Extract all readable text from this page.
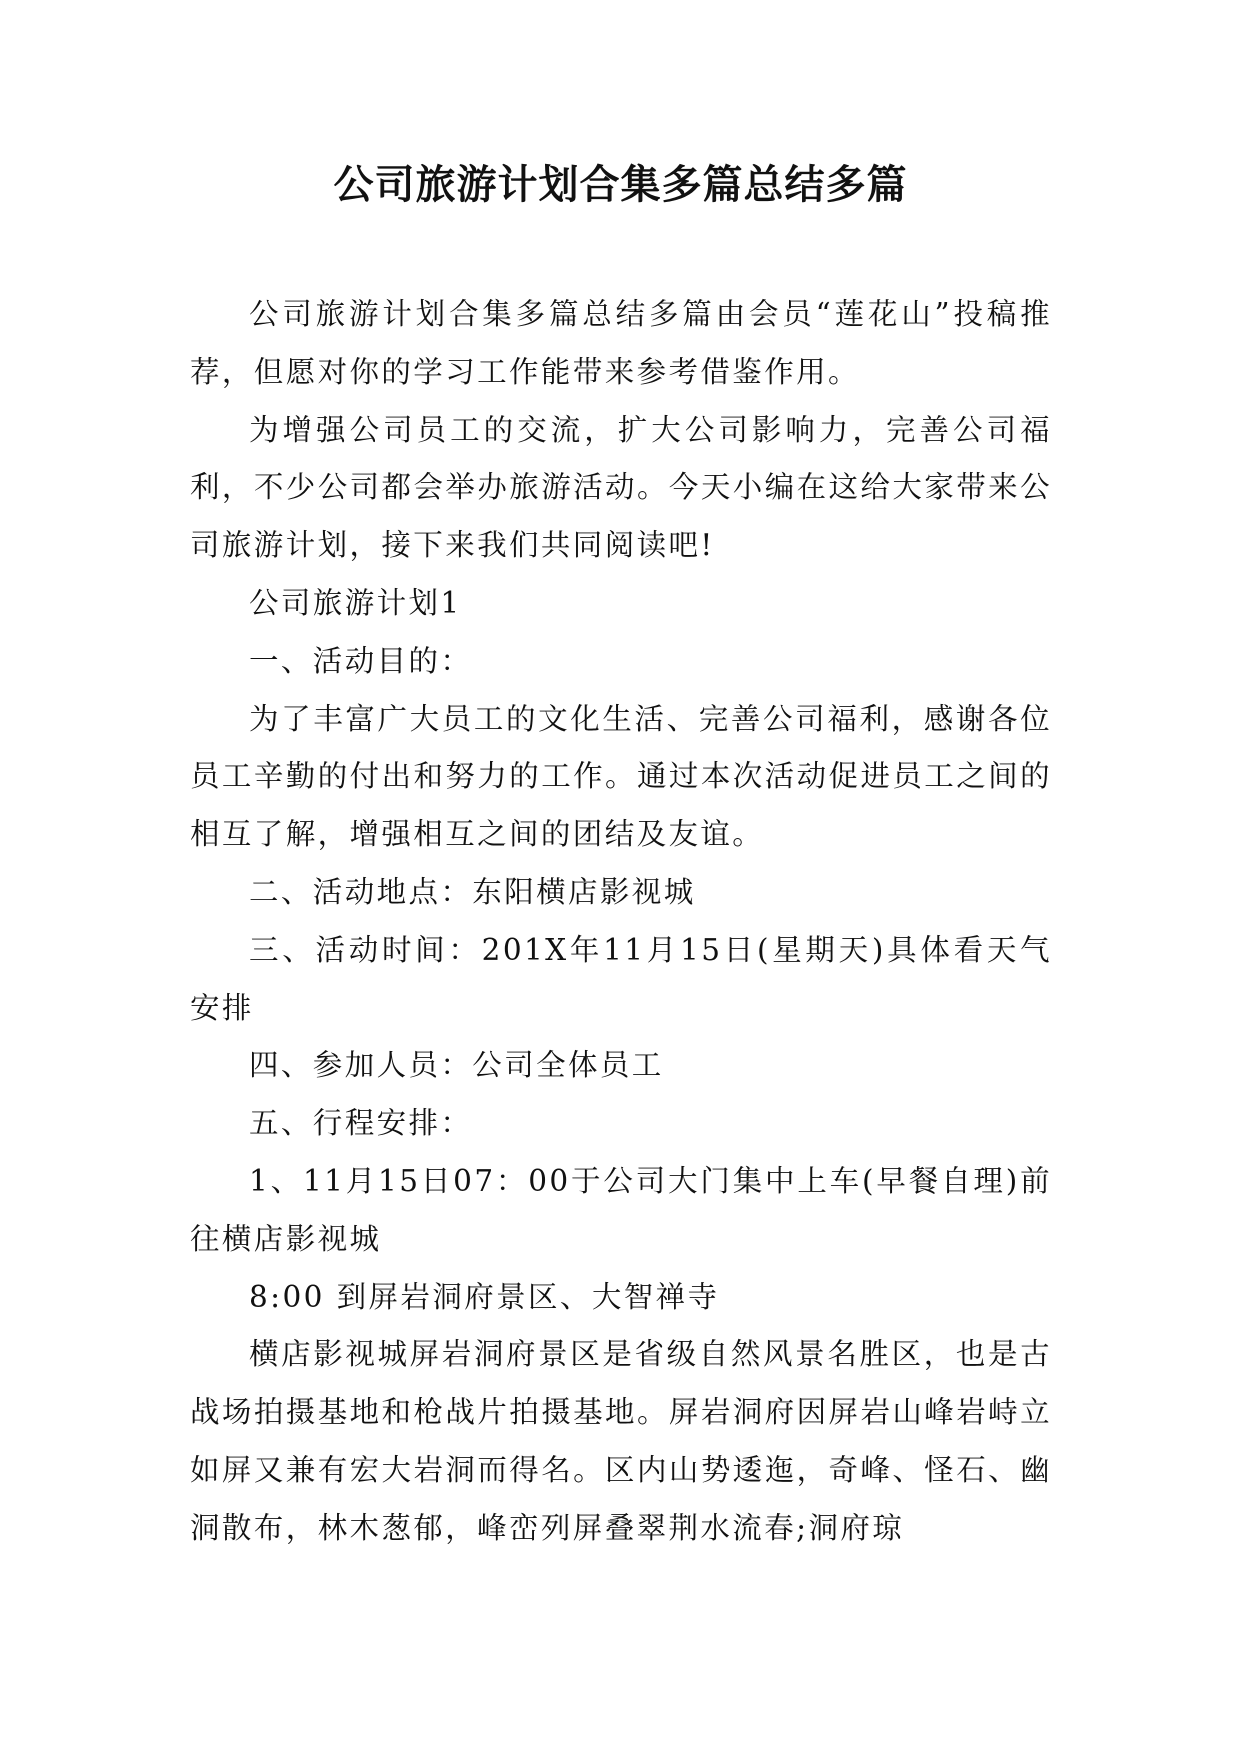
公司旅游计划合集多篇总结多篇

公司旅游计划合集多篇总结多篇由会员“莲花山”投稿推荐，但愿对你的学习工作能带来参考借鉴作用。

为增强公司员工的交流，扩大公司影响力，完善公司福利，不少公司都会举办旅游活动。今天小编在这给大家带来公司旅游计划，接下来我们共同阅读吧!

公司旅游计划1

一、活动目的：

为了丰富广大员工的文化生活、完善公司福利，感谢各位员工辛勤的付出和努力的工作。通过本次活动促进员工之间的相互了解，增强相互之间的团结及友谊。

二、活动地点：东阳横店影视城

三、活动时间：201X年11月15日(星期天)具体看天气安排

四、参加人员：公司全体员工

五、行程安排：

1、11月15日07：00于公司大门集中上车(早餐自理)前往横店影视城

8:00 到屏岩洞府景区、大智禅寺

横店影视城屏岩洞府景区是省级自然风景名胜区，也是古战场拍摄基地和枪战片拍摄基地。屏岩洞府因屏岩山峰岩峙立如屏又兼有宏大岩洞而得名。区内山势逶迤，奇峰、怪石、幽洞散布，林木葱郁，峰峦列屏叠翠荆水流春;洞府琼
